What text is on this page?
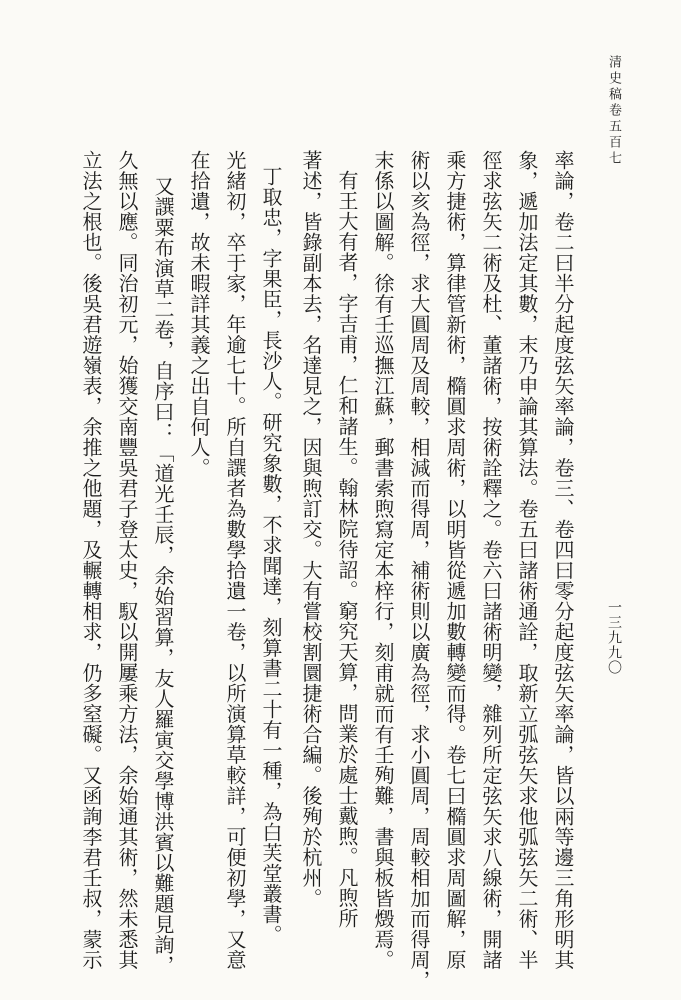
清史稿卷五百七
一三九九〇
率論，卷二曰半分起度弦矢率論，卷三、卷四曰零分起度弦矢率論，皆以兩等邊三角形明其
象，遞加法定其數，末乃申論其算法。卷五曰諸術通詮，取新立弧弦矢求他弧弦矢二術、半
徑求弦矢二術及杜、董諸術，按術詮釋之。卷六曰諸術明變，雜列所定弦矢求八線術，開諸
乘方捷術，算律管新術，橢圓求周術，以明皆從遞加數轉變而得。卷七曰橢圓求周圖解，原
術以亥為徑，求大圓周及周較，相減而得周，補術則以廣為徑，求小圓周，周較相加而得周，
末係以圖解。徐有壬巡撫江蘇，郵書索煦寫定本梓行，刻甫就而有壬殉難，書與板皆燬焉。
有王大有者，字吉甫，仁和諸生。翰林院待詔。窮究天算，問業於處士戴煦。凡煦所
著述，皆錄副本去，名達見之，因與煦訂交。大有嘗校割圜捷術合編。後殉於杭州。
丁取忠，字果臣，長沙人。研究象數，不求聞達，刻算書二十有一種，為白芙堂叢書。
光緒初，卒于家，年逾七十。所自譔者為數學拾遺一卷，以所演算草較詳，可便初學，又意
在拾遺，故未暇詳其義之出自何人。
又譔粟布演草二卷，自序曰：「道光壬辰，余始習算，友人羅寅交學博洪賓以難題見詢，
久無以應。同治初元，始獲交南豐吳君子登太史，馭以開屢乘方法，余始通其術，然未悉其
立法之根也。後吳君遊嶺表，余推之他題，及輾轉相求，仍多窒礙。又函詢李君壬叔，蒙示
